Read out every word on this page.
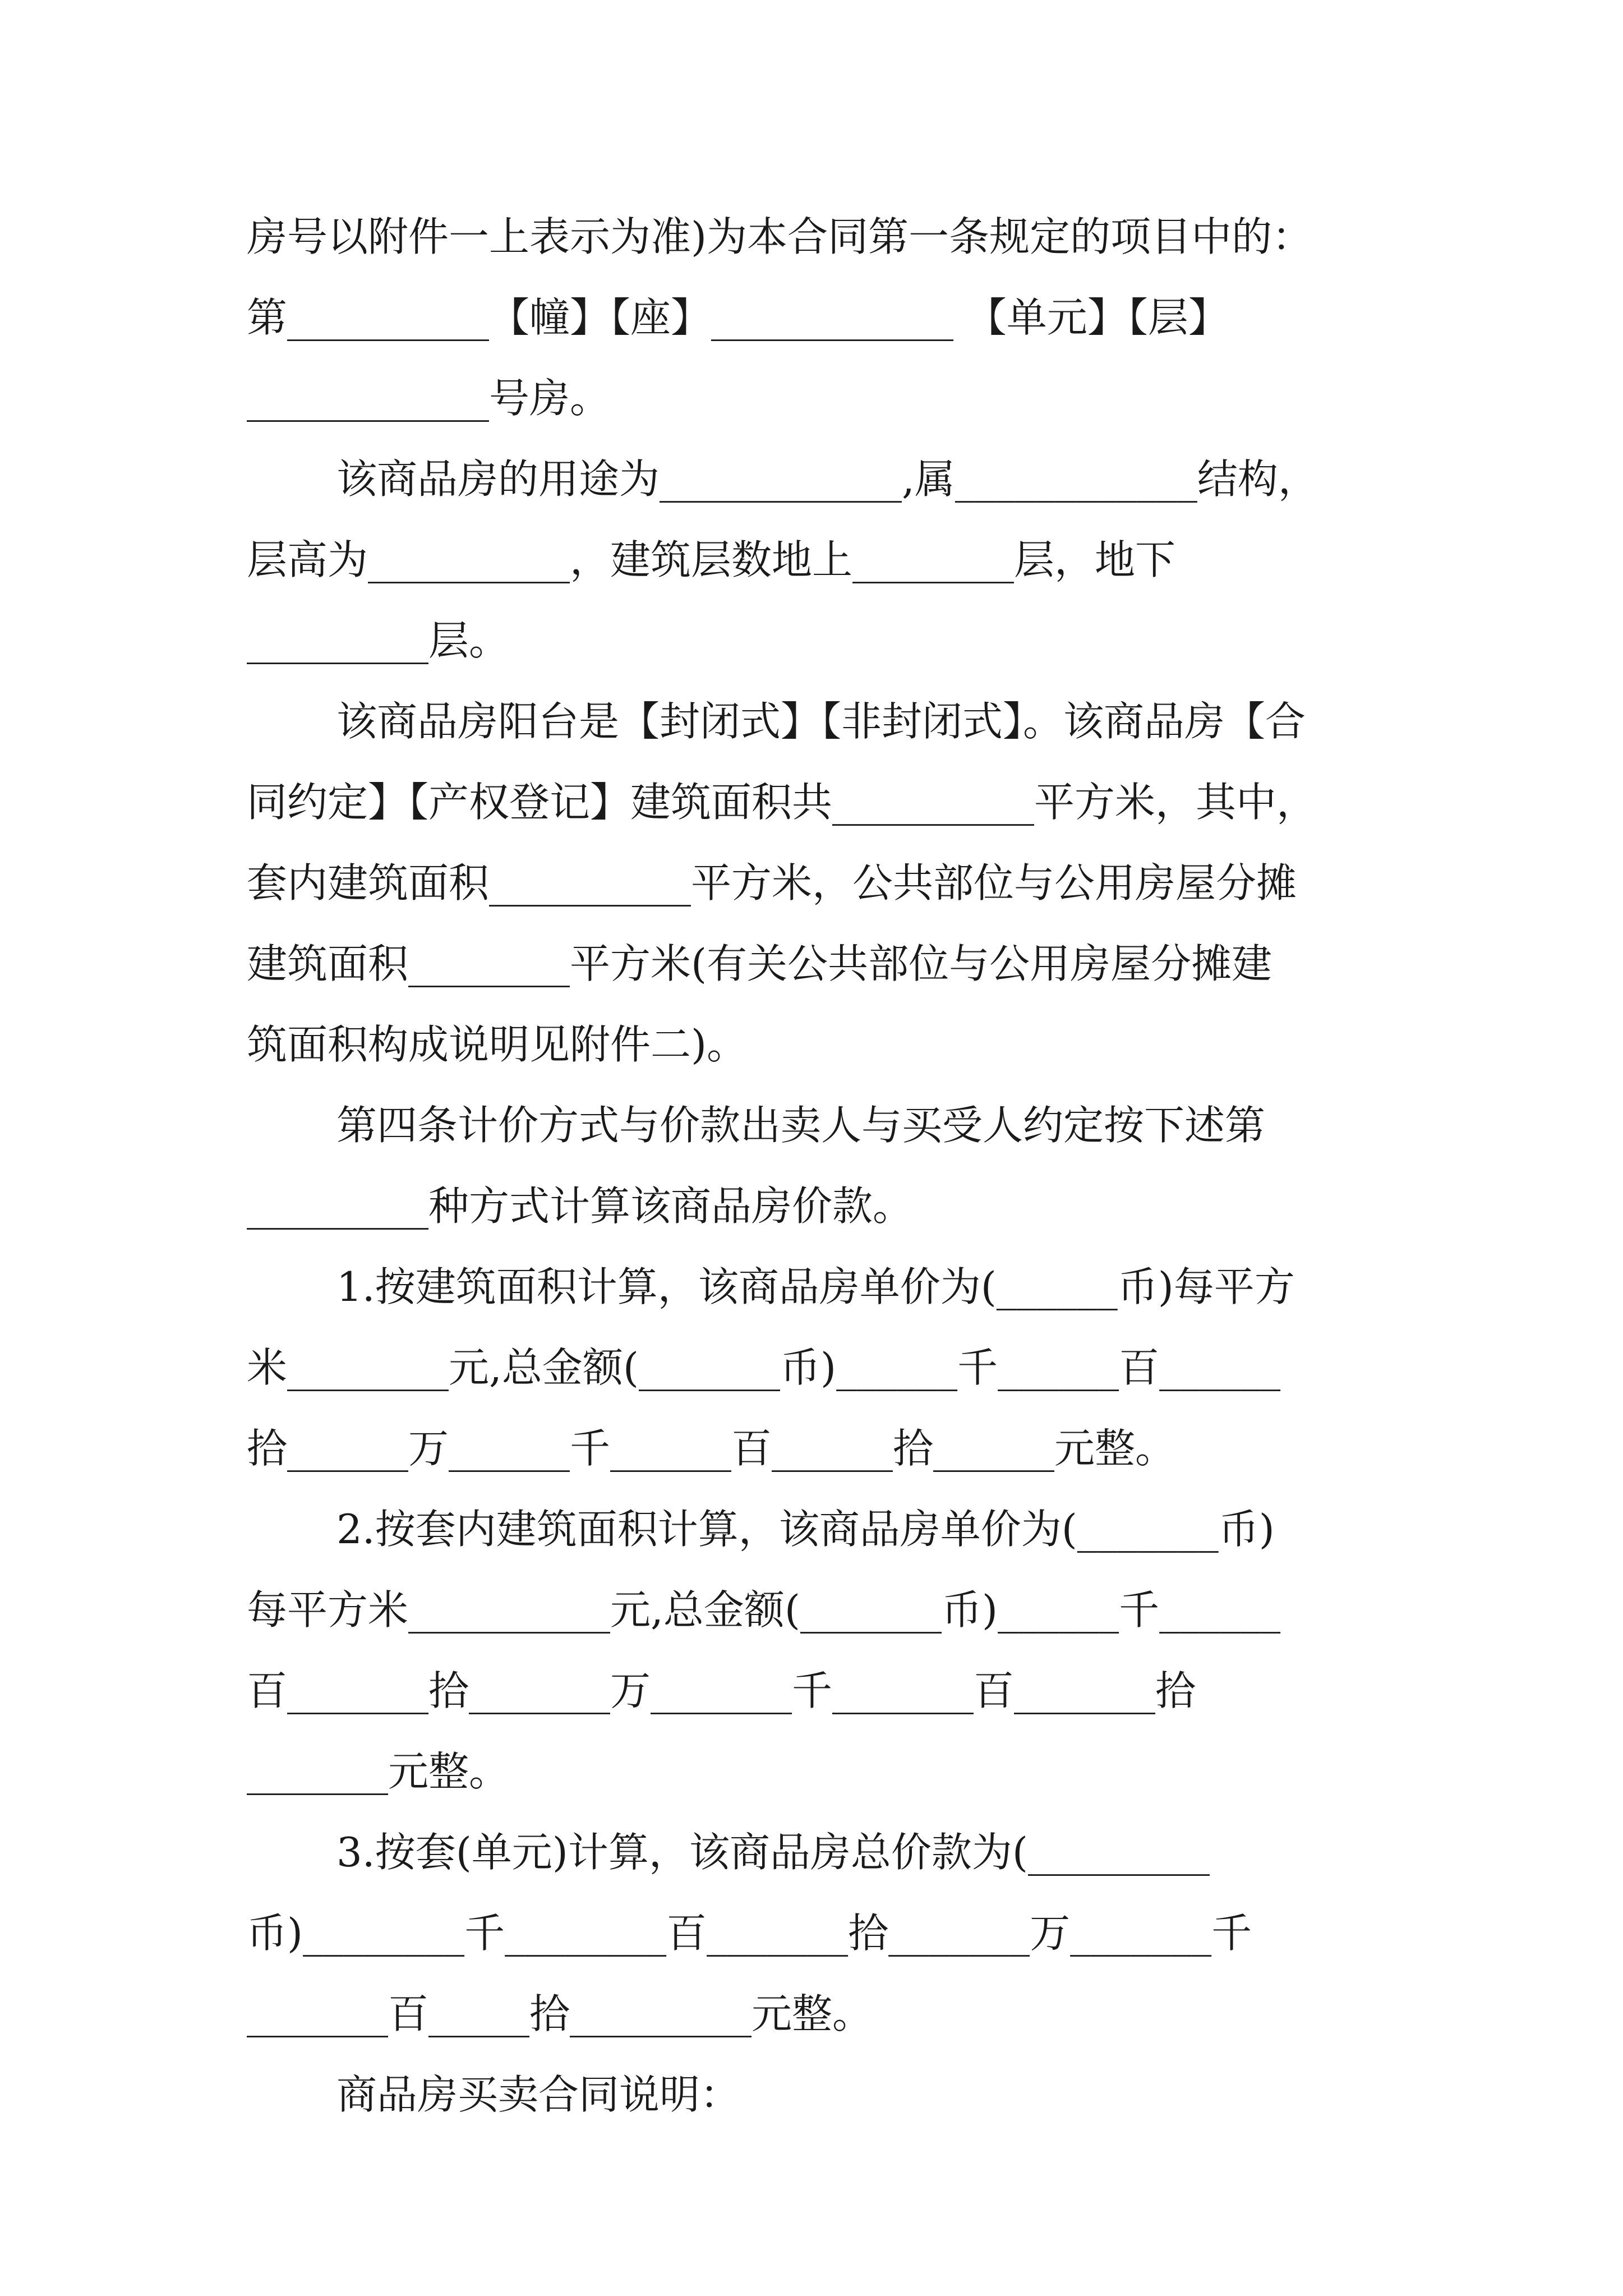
房号以附件一上表示为准)为本合同第一条规定的项目中的：
第__________【幢】【座】____________ 【单元】【层】
____________号房。
该商品房的用途为____________,属____________结构，
层高为__________，建筑层数地上________层，地下
_________层。
该商品房阳台是【封闭式】【非封闭式】。该商品房【合
同约定】【产权登记】建筑面积共__________平方米，其中，
套内建筑面积__________平方米，公共部位与公用房屋分摊
建筑面积________平方米(有关公共部位与公用房屋分摊建
筑面积构成说明见附件二)。
第四条计价方式与价款出卖人与买受人约定按下述第
_________种方式计算该商品房价款。
1.按建筑面积计算，该商品房单价为(______币)每平方
米________元,总金额(_______币)______千______百______
拾______万______千______百______拾______元整。
2.按套内建筑面积计算，该商品房单价为(_______币)
每平方米__________元,总金额(_______币)______千______
百_______拾_______万_______千_______百_______拾
_______元整。
3.按套(单元)计算，该商品房总价款为(_________
币)________千________百_______拾_______万_______千
_______百_____拾_________元整。
商品房买卖合同说明：
